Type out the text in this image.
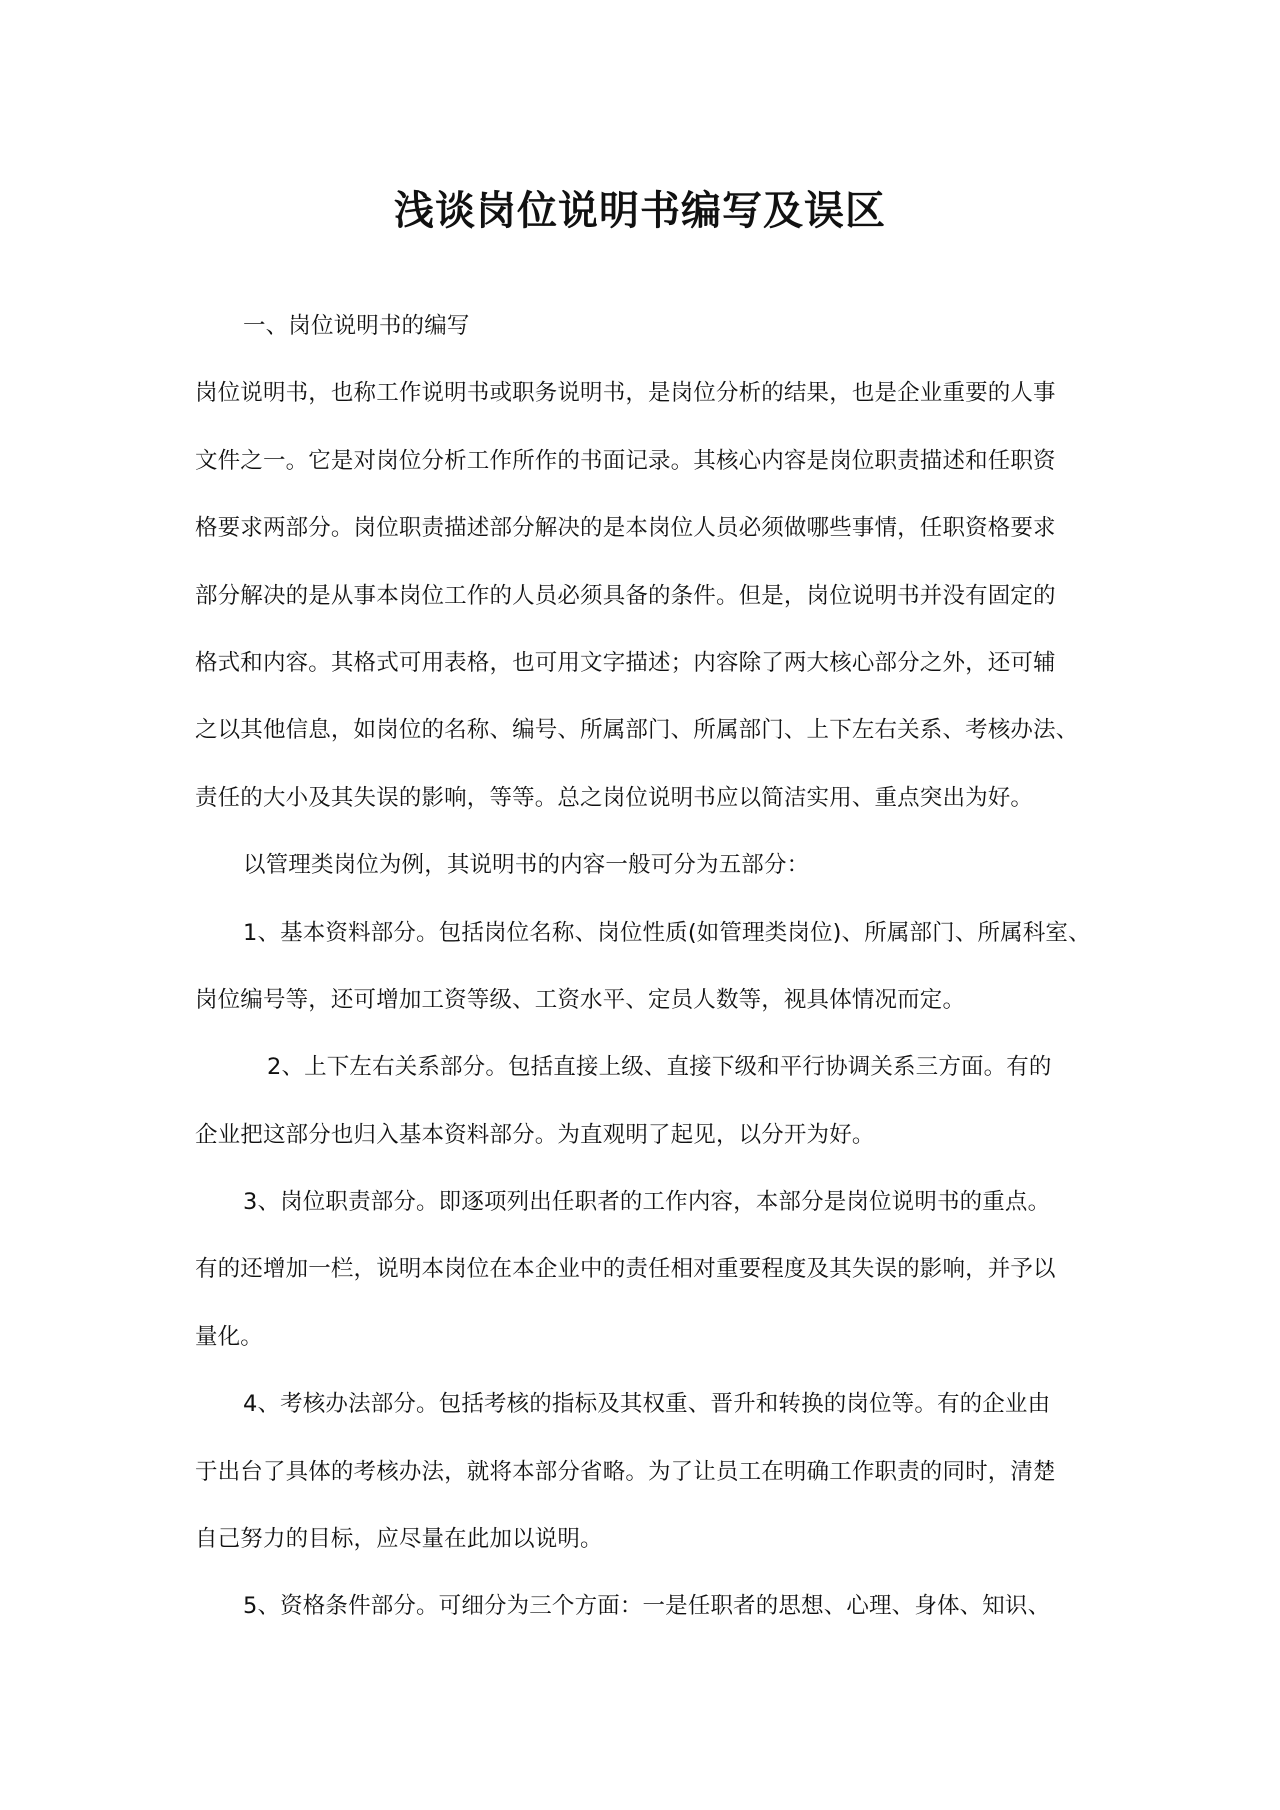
浅谈岗位说明书编写及误区
一、岗位说明书的编写
岗位说明书，也称工作说明书或职务说明书，是岗位分析的结果，也是企业重要的人事
文件之一。它是对岗位分析工作所作的书面记录。其核心内容是岗位职责描述和任职资
格要求两部分。岗位职责描述部分解决的是本岗位人员必须做哪些事情，任职资格要求
部分解决的是从事本岗位工作的人员必须具备的条件。但是，岗位说明书并没有固定的
格式和内容。其格式可用表格，也可用文字描述；内容除了两大核心部分之外，还可辅
之以其他信息，如岗位的名称、编号、所属部门、所属部门、上下左右关系、考核办法、
责任的大小及其失误的影响，等等。总之岗位说明书应以简洁实用、重点突出为好。
以管理类岗位为例，其说明书的内容一般可分为五部分：
1、基本资料部分。包括岗位名称、岗位性质(如管理类岗位)、所属部门、所属科室、
岗位编号等，还可增加工资等级、工资水平、定员人数等，视具体情况而定。
2、上下左右关系部分。包括直接上级、直接下级和平行协调关系三方面。有的
企业把这部分也归入基本资料部分。为直观明了起见，以分开为好。
3、岗位职责部分。即逐项列出任职者的工作内容，本部分是岗位说明书的重点。
有的还增加一栏，说明本岗位在本企业中的责任相对重要程度及其失误的影响，并予以
量化。
4、考核办法部分。包括考核的指标及其权重、晋升和转换的岗位等。有的企业由
于出台了具体的考核办法，就将本部分省略。为了让员工在明确工作职责的同时，清楚
自己努力的目标，应尽量在此加以说明。
5、资格条件部分。可细分为三个方面：一是任职者的思想、心理、身体、知识、
